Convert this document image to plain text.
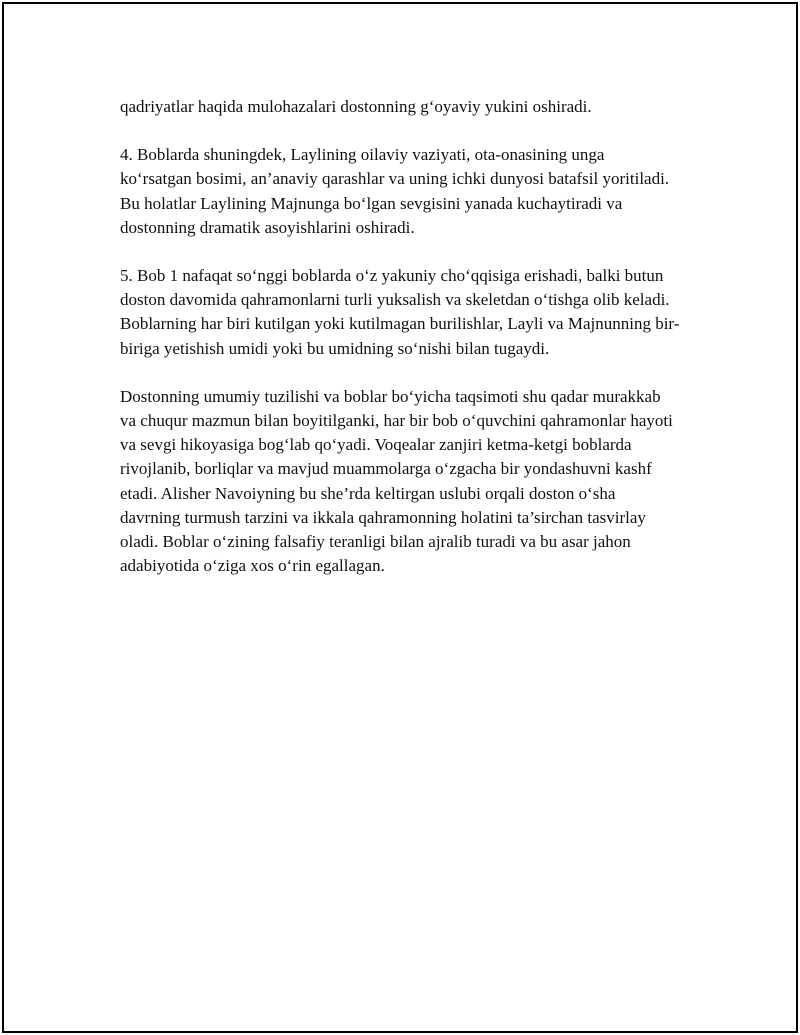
qadriyatlar haqida mulohazalari dostonning g‘oyaviy yukini oshiradi.

4. Boblarda shuningdek, Laylining oilaviy vaziyati, ota-onasining unga ko‘rsatgan bosimi, an’anaviy qarashlar va uning ichki dunyosi batafsil yoritiladi. Bu holatlar Laylining Majnunga bo‘lgan sevgisini yanada kuchaytiradi va dostonning dramatik asoyishlarini oshiradi.

5. Bob 1 nafaqat so‘nggi boblarda o‘z yakuniy cho‘qqisiga erishadi, balki butun doston davomida qahramonlarni turli yuksalish va skeletdan o‘tishga olib keladi. Boblarning har biri kutilgan yoki kutilmagan burilishlar, Layli va Majnunning bir-biriga yetishish umidi yoki bu umidning so‘nishi bilan tugaydi.

Dostonning umumiy tuzilishi va boblar bo‘yicha taqsimoti shu qadar murakkab va chuqur mazmun bilan boyitilganki, har bir bob o‘quvchini qahramonlar hayoti va sevgi hikoyasiga bog‘lab qo‘yadi. Voqealar zanjiri ketma-ketgi boblarda rivojlanib, borliqlar va mavjud muammolarga o‘zgacha bir yondashuvni kashf etadi. Alisher Navoiyning bu she’rda keltirgan uslubi orqali doston o‘sha davrning turmush tarzini va ikkala qahramonning holatini ta’sirchan tasvirlay oladi. Boblar o‘zining falsafiy teranligi bilan ajralib turadi va bu asar jahon adabiyotida o‘ziga xos o‘rin egallagan.
